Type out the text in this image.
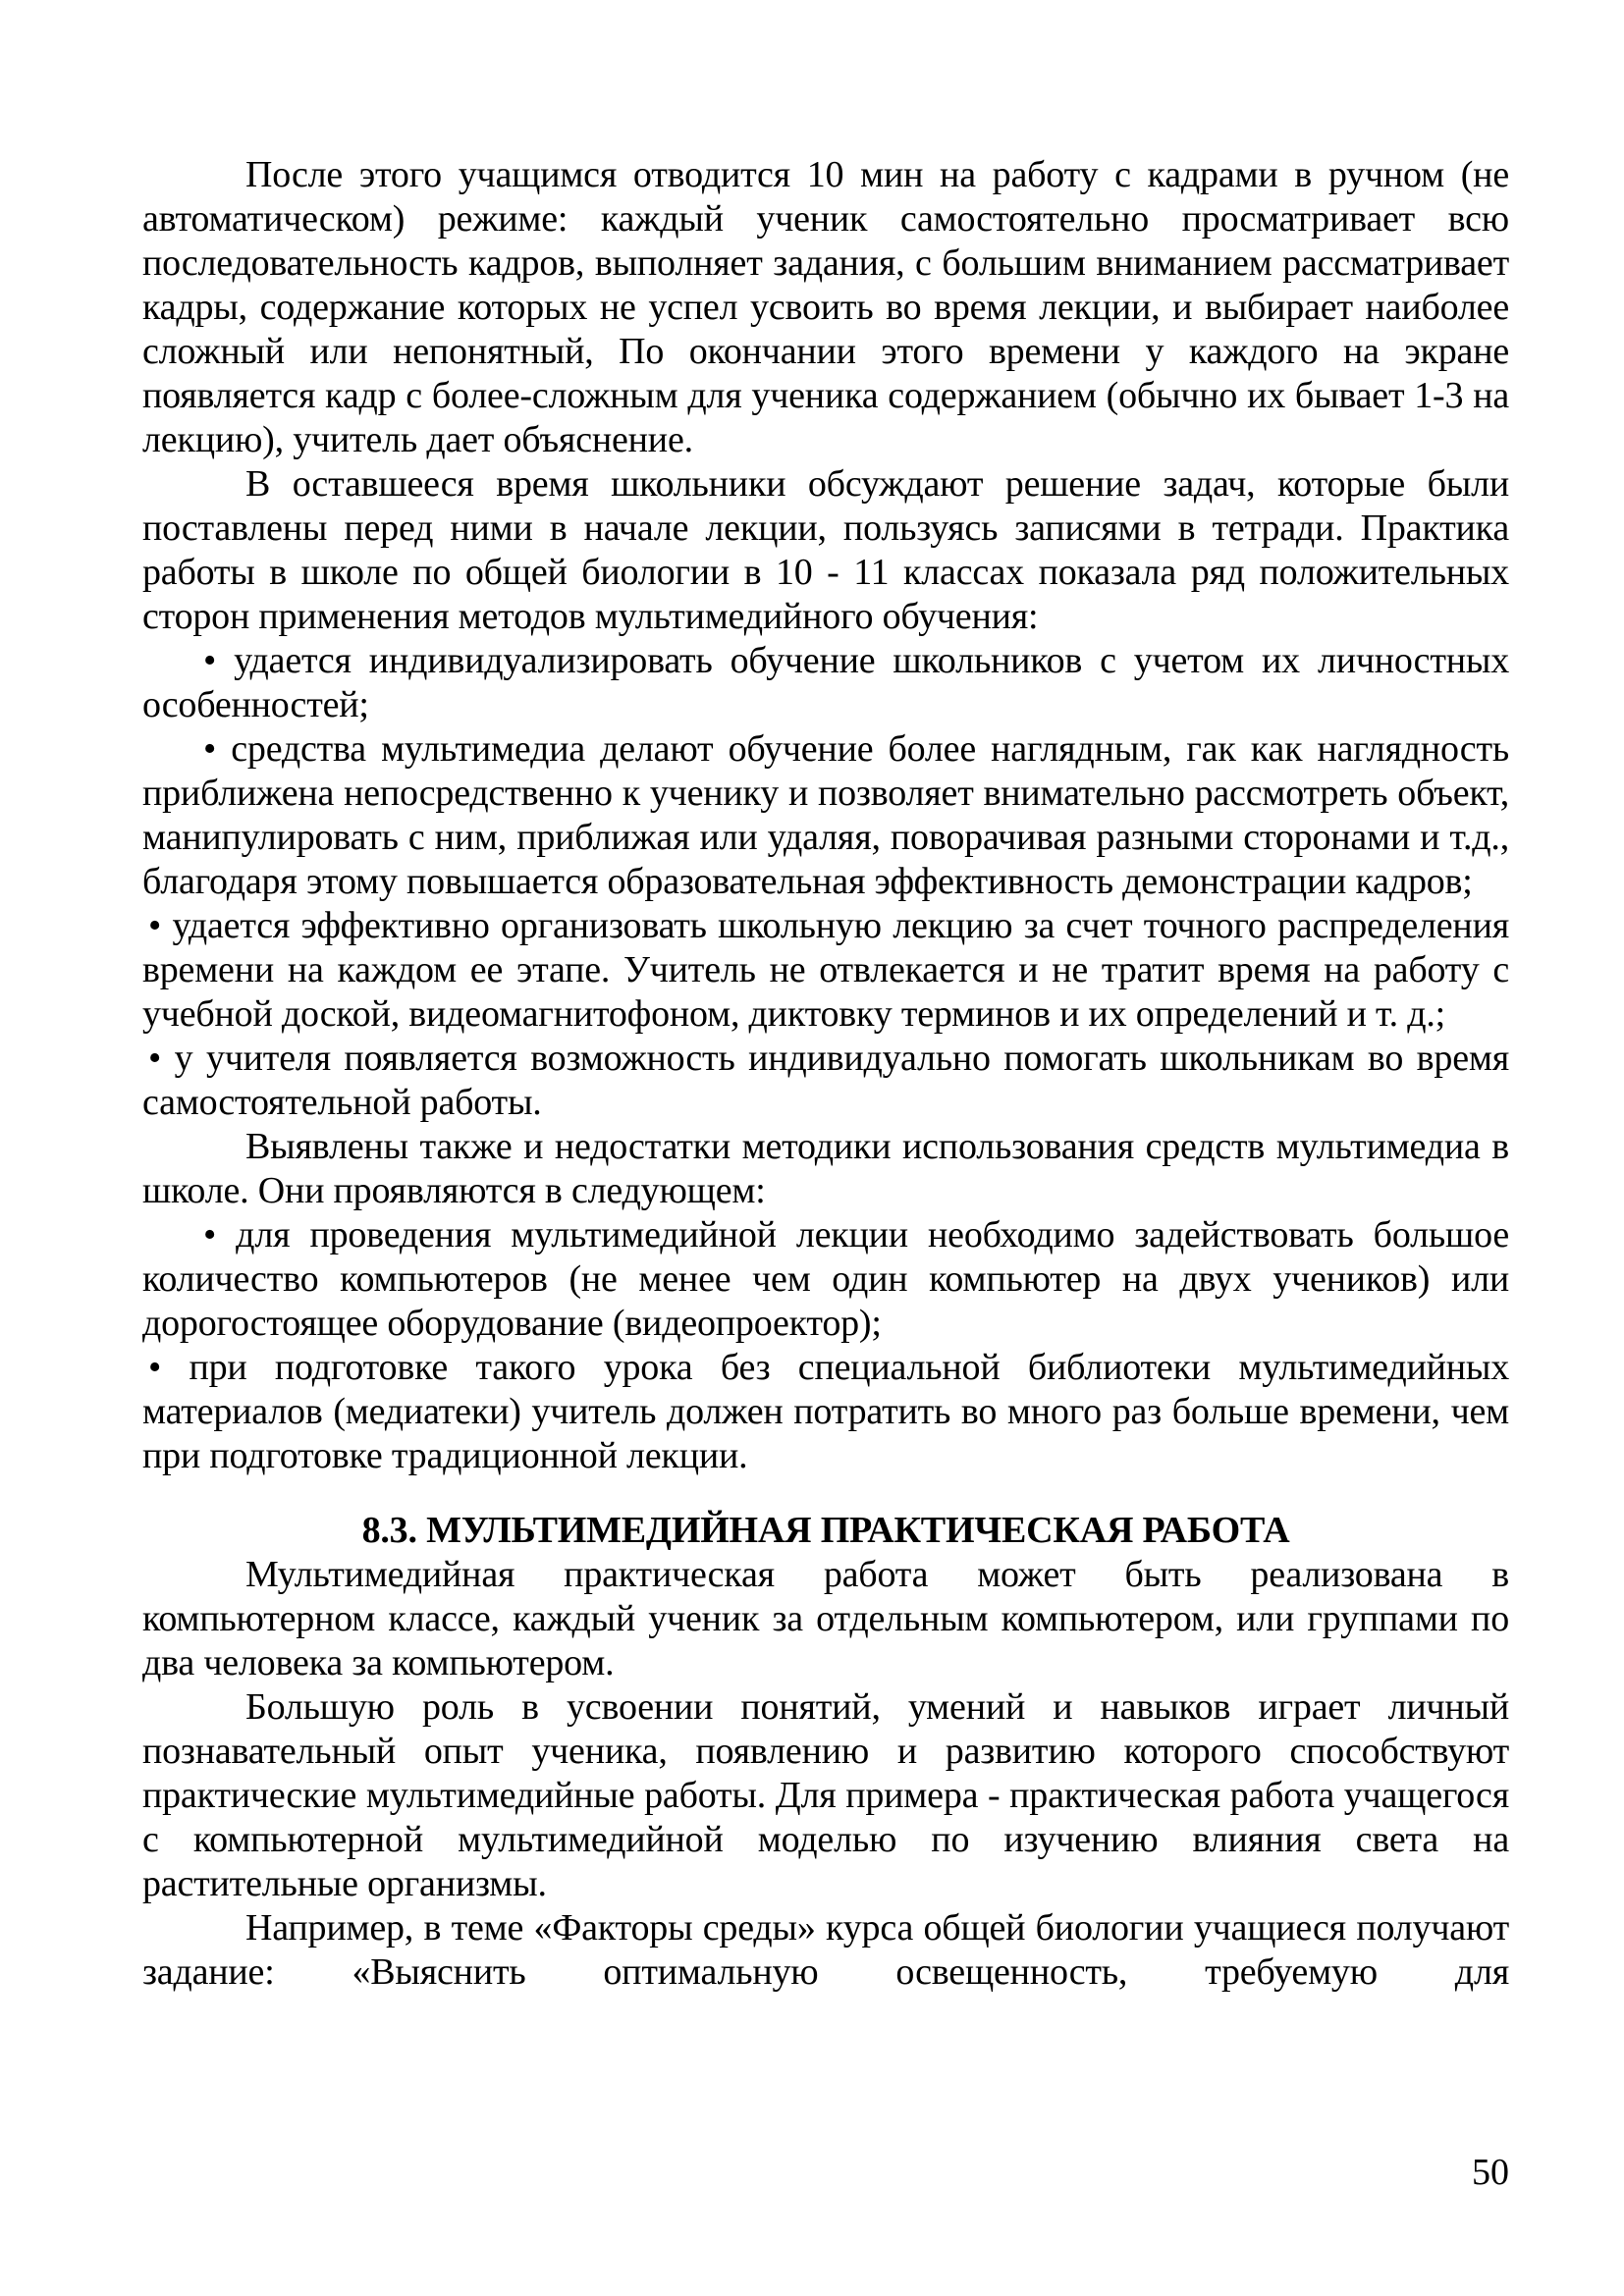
После этого учащимся отводится 10 мин на работу с кадрами в ручном (не автоматическом) режиме: каждый ученик самостоятельно просматривает всю последовательность кадров, выполняет задания, с большим вниманием рассматривает кадры, содержание которых не успел усвоить во время лекции, и выбирает наиболее сложный или непонятный, По окончании этого времени у каждого на экране появляется кадр с более-сложным для ученика содержанием (обычно их бывает 1-3 на лекцию), учитель дает объяснение.

В оставшееся время школьники обсуждают решение задач, которые были поставлены перед ними в начале лекции, пользуясь записями в тетради. Практика работы в школе по общей биологии в 10 - 11 классах показала ряд положительных сторон применения методов мультимедийного обучения:

• удается индивидуализировать обучение школьников с учетом их личностных особенностей;

• средства мультимедиа делают обучение более наглядным, гак как наглядность приближена непосредственно к ученику и позволяет внимательно рассмотреть объект, манипулировать с ним, приближая или удаляя, поворачивая разными сторонами и т.д., благодаря этому повышается образовательная эффективность демонстрации кадров;

• удается эффективно организовать школьную лекцию за счет точного распределения времени на каждом ее этапе. Учитель не отвлекается и не тратит время на работу с учебной доской, видеомагнитофоном, диктовку терминов и их определений и т. д.;

• у учителя появляется возможность индивидуально помогать школьникам во время самостоятельной работы.

Выявлены также и недостатки методики использования средств мультимедиа в школе. Они проявляются в следующем:

• для проведения мультимедийной лекции необходимо задействовать большое количество компьютеров (не менее чем один компьютер на двух учеников) или дорогостоящее оборудование (видеопроектор);

• при подготовке такого урока без специальной библиотеки мультимедийных материалов (медиатеки) учитель должен потратить во много раз больше времени, чем при подготовке традиционной лекции.

8.3. МУЛЬТИМЕДИЙНАЯ ПРАКТИЧЕСКАЯ РАБОТА

Мультимедийная практическая работа может быть реализована в компьютерном классе, каждый ученик за отдельным компьютером, или группами по два человека за компьютером.

Большую роль в усвоении понятий, умений и навыков играет личный познавательный опыт ученика, появлению и развитию которого способствуют практические мультимедийные работы. Для примера - практическая работа учащегося с компьютерной мультимедийной моделью по изучению влияния света на растительные организмы.

Например, в теме «Факторы среды» курса общей биологии учащиеся получают задание: «Выяснить оптимальную освещенность, требуемую для

50
